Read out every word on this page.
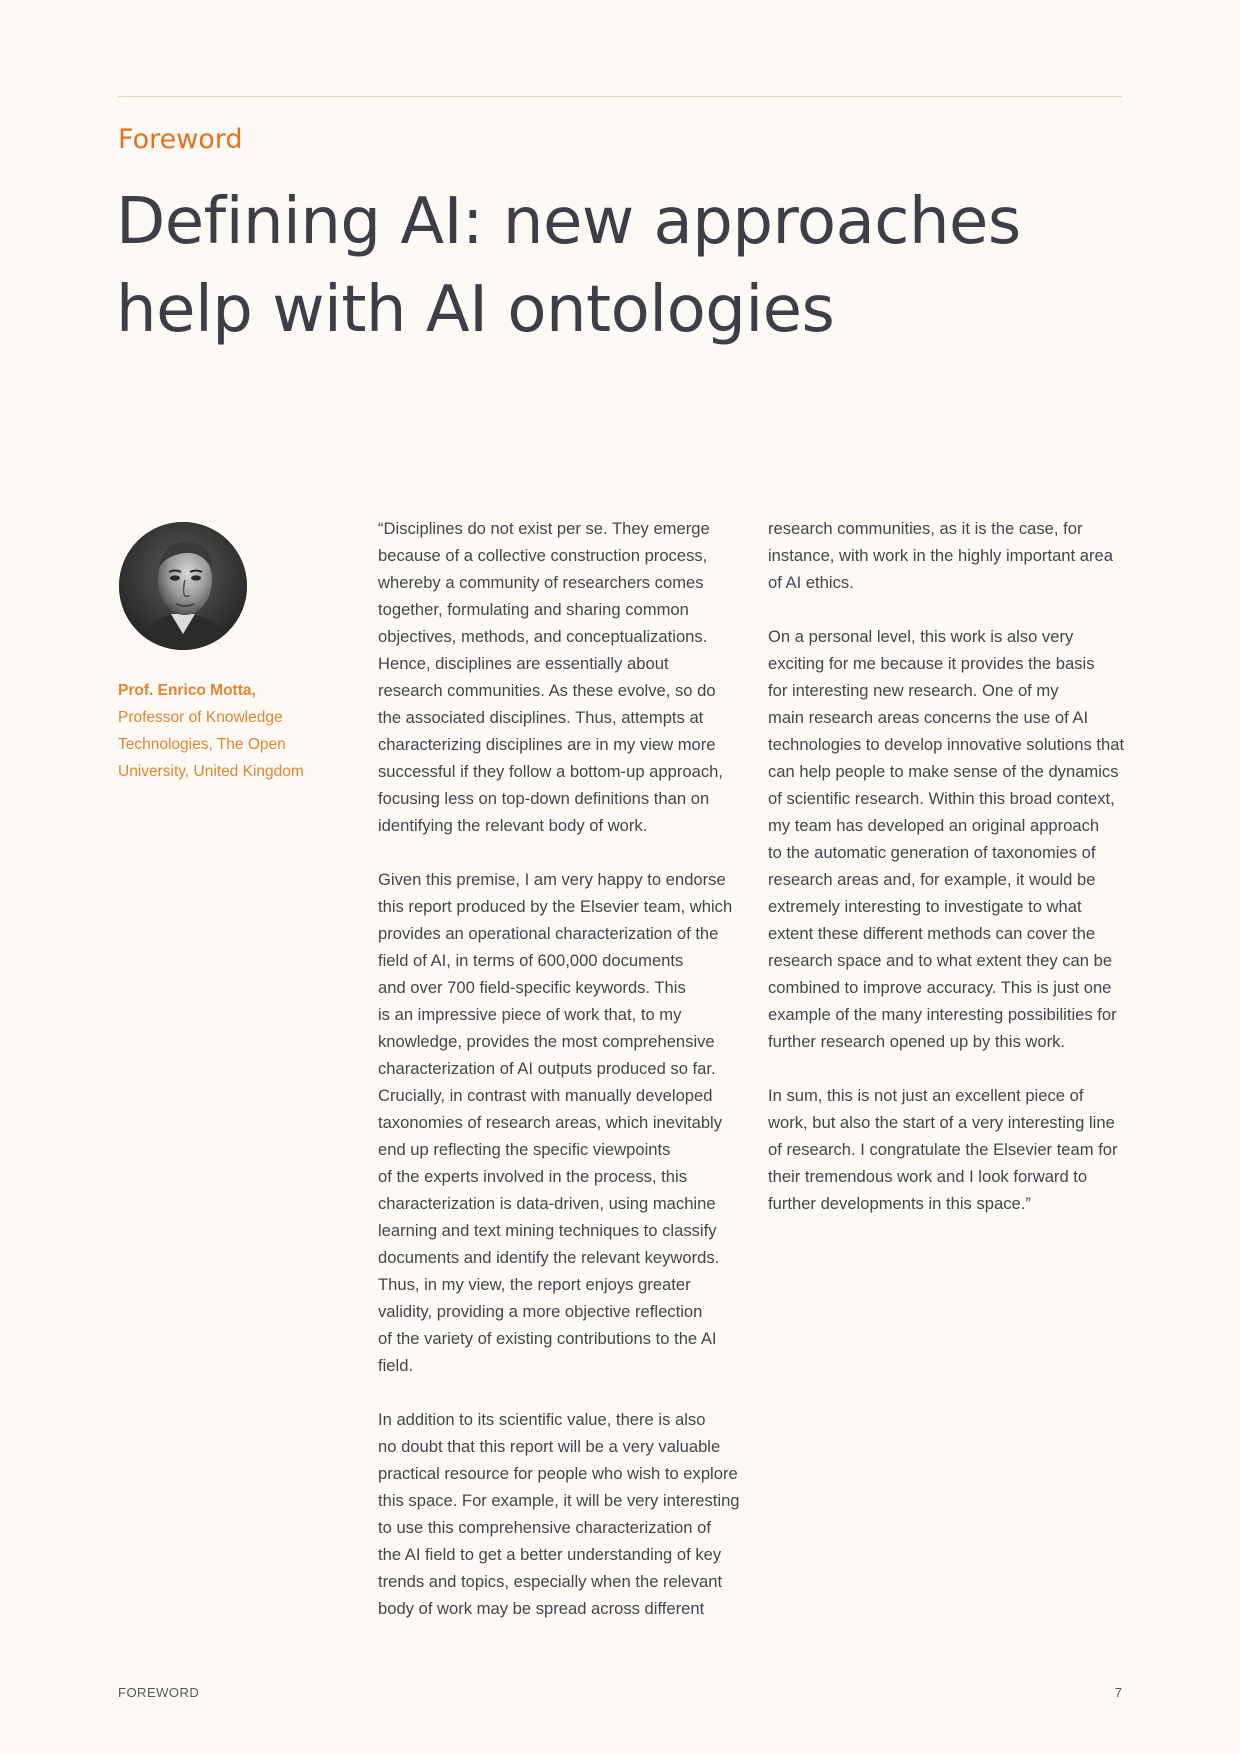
Foreword
Defining AI: new approaches
help with AI ontologies
Prof. Enrico Motta,
Professor of Knowledge
Technologies, The Open
University, United Kingdom

“Disciplines do not exist per se. They emerge
because of a collective construction process,
whereby a community of researchers comes
together, formulating and sharing common
objectives, methods, and conceptualizations.
Hence, disciplines are essentially about
research communities. As these evolve, so do
the associated disciplines. Thus, attempts at
characterizing disciplines are in my view more
successful if they follow a bottom-up approach,
focusing less on top-down definitions than on
identifying the relevant body of work.

Given this premise, I am very happy to endorse
this report produced by the Elsevier team, which
provides an operational characterization of the
field of AI, in terms of 600,000 documents
and over 700 field-specific keywords. This
is an impressive piece of work that, to my
knowledge, provides the most comprehensive
characterization of AI outputs produced so far.
Crucially, in contrast with manually developed
taxonomies of research areas, which inevitably
end up reflecting the specific viewpoints
of the experts involved in the process, this
characterization is data-driven, using machine
learning and text mining techniques to classify
documents and identify the relevant keywords.
Thus, in my view, the report enjoys greater
validity, providing a more objective reflection
of the variety of existing contributions to the AI
field.

In addition to its scientific value, there is also
no doubt that this report will be a very valuable
practical resource for people who wish to explore
this space. For example, it will be very interesting
to use this comprehensive characterization of
the AI field to get a better understanding of key
trends and topics, especially when the relevant
body of work may be spread across different

research communities, as it is the case, for
instance, with work in the highly important area
of AI ethics.

On a personal level, this work is also very
exciting for me because it provides the basis
for interesting new research. One of my
main research areas concerns the use of AI
technologies to develop innovative solutions that
can help people to make sense of the dynamics
of scientific research. Within this broad context,
my team has developed an original approach
to the automatic generation of taxonomies of
research areas and, for example, it would be
extremely interesting to investigate to what
extent these different methods can cover the
research space and to what extent they can be
combined to improve accuracy. This is just one
example of the many interesting possibilities for
further research opened up by this work.

In sum, this is not just an excellent piece of
work, but also the start of a very interesting line
of research. I congratulate the Elsevier team for
their tremendous work and I look forward to
further developments in this space.”

FOREWORD	7
